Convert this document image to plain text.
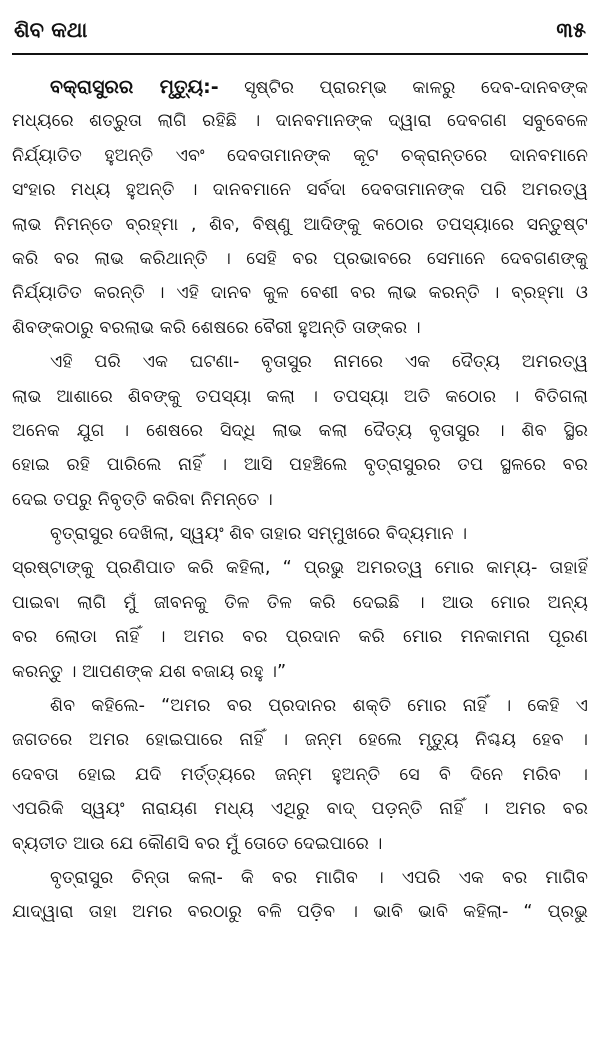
ଶିବ କଥା	୩୫
ବକ୍ରାସୁରର ମୃତ୍ୟୁ:- ସୃଷ୍ଟିର ପ୍ରାରମ୍ଭ କାଳରୁ ଦେବ-ଦାନବଙ୍କ
ମଧ୍ୟରେ ଶତ୍ରୁତା ଲାଗି ରହିଛି । ଦାନବମାନଙ୍କ ଦ୍ୱାରା ଦେବଗଣ ସବୁବେଳେ
ନିର୍ଯ୍ୟାତିତ ହୁଅନ୍ତି ଏବଂ ଦେବତାମାନଙ୍କ କୂଟ ଚକ୍ରାନ୍ତରେ ଦାନବମାନେ
ସଂହାର ମଧ୍ୟ ହୁଅନ୍ତି । ଦାନବମାନେ ସର୍ବଦା ଦେବତାମାନଙ୍କ ପରି ଅମରତ୍ୱ
ଲାଭ ନିମନ୍ତେ ବ୍ରହ୍ମା , ଶିବ, ବିଷ୍ଣୁ ଆଦିଙ୍କୁ କଠୋର ତପସ୍ୟାରେ ସନ୍ତୁଷ୍ଟ
କରି ବର ଲାଭ କରିଥାନ୍ତି । ସେହି ବର ପ୍ରଭାବରେ ସେମାନେ ଦେବଗଣଙ୍କୁ
ନିର୍ଯ୍ୟାତିତ କରନ୍ତି । ଏହି ଦାନବ କୁଳ ବେଶୀ ବର ଲାଭ କରନ୍ତି । ବ୍ରହ୍ମା ଓ
ଶିବଙ୍କଠାରୁ ବରଲାଭ କରି ଶେଷରେ ବୈରୀ ହୁଅନ୍ତି ତାଙ୍କର ।
ଏହି ପରି ଏକ ଘଟଣା- ବୃତାସୁର ନାମରେ ଏକ ଦୈତ୍ୟ ଅମରତ୍ୱ
ଲାଭ ଆଶାରେ ଶିବଙ୍କୁ ତପସ୍ୟା କଲା । ତପସ୍ୟା ଅତି କଠୋର । ବିତିଗଲା
ଅନେକ ଯୁଗ । ଶେଷରେ ସିଦ୍ଧି ଲାଭ କଲା ଦୈତ୍ୟ ବୃତାସୁର । ଶିବ ସ୍ଥିର
ହୋଇ ରହି ପାରିଲେ ନାହିଁ । ଆସି ପହଞ୍ଚିଲେ ବୃତ୍ରାସୁରର ତପ ସ୍ଥଳରେ ବର
ଦେଇ ତପରୁ ନିବୃତ୍ତି କରିବା ନିମନ୍ତେ ।
ବୃତ୍ରାସୁର ଦେଖିଲା, ସ୍ୱୟଂ ଶିବ ତାହାର ସମ୍ମୁଖରେ ବିଦ୍ୟମାନ ।
ସ୍ରଷ୍ଟାଙ୍କୁ ପ୍ରଣିପାତ କରି କହିଲା, “ ପ୍ରଭୁ ଅମରତ୍ୱ ମୋର କାମ୍ୟ- ତାହାହିଁ
ପାଇବା ଲାଗି ମୁଁ ଜୀବନକୁ ତିଳ ତିଳ କରି ଦେଇଛି । ଆଉ ମୋର ଅନ୍ୟ
ବର ଲୋଡା ନାହିଁ । ଅମର ବର ପ୍ରଦାନ କରି ମୋର ମନକାମନା ପୂରଣ
କରନ୍ତୁ । ଆପଣଙ୍କ ଯଶ ବଜାୟ ରହୁ ।”
ଶିବ କହିଲେ- “ଅମର ବର ପ୍ରଦାନର ଶକ୍ତି ମୋର ନାହିଁ । କେହି ଏ
ଜଗତରେ ଅମର ହୋଇପାରେ ନାହିଁ । ଜନ୍ମ ହେଲେ ମୃତ୍ୟୁ ନିଶ୍ଚୟ ହେବ ।
ଦେବତା ହୋଇ ଯଦି ମର୍ତ୍ତ୍ୟରେ ଜନ୍ମ ହୁଅନ୍ତି ସେ ବି ଦିନେ ମରିବ ।
ଏପରିକି ସ୍ୱୟଂ ନାରାୟଣ ମଧ୍ୟ ଏଥିରୁ ବାଦ୍ ପଡ଼ନ୍ତି ନାହିଁ । ଅମର ବର
ବ୍ୟତୀତ ଆଉ ଯେ କୌଣସି ବର ମୁଁ ତୋତେ ଦେଇପାରେ ।
ବୃତ୍ରାସୁର ଚିନ୍ତା କଲା- କି ବର ମାଗିବ । ଏପରି ଏକ ବର ମାଗିବ
ଯାଦ୍ୱାରା ତାହା ଅମର ବରଠାରୁ ବଳି ପଡ଼ିବ । ଭାବି ଭାବି କହିଲା- “ ପ୍ରଭୁ
